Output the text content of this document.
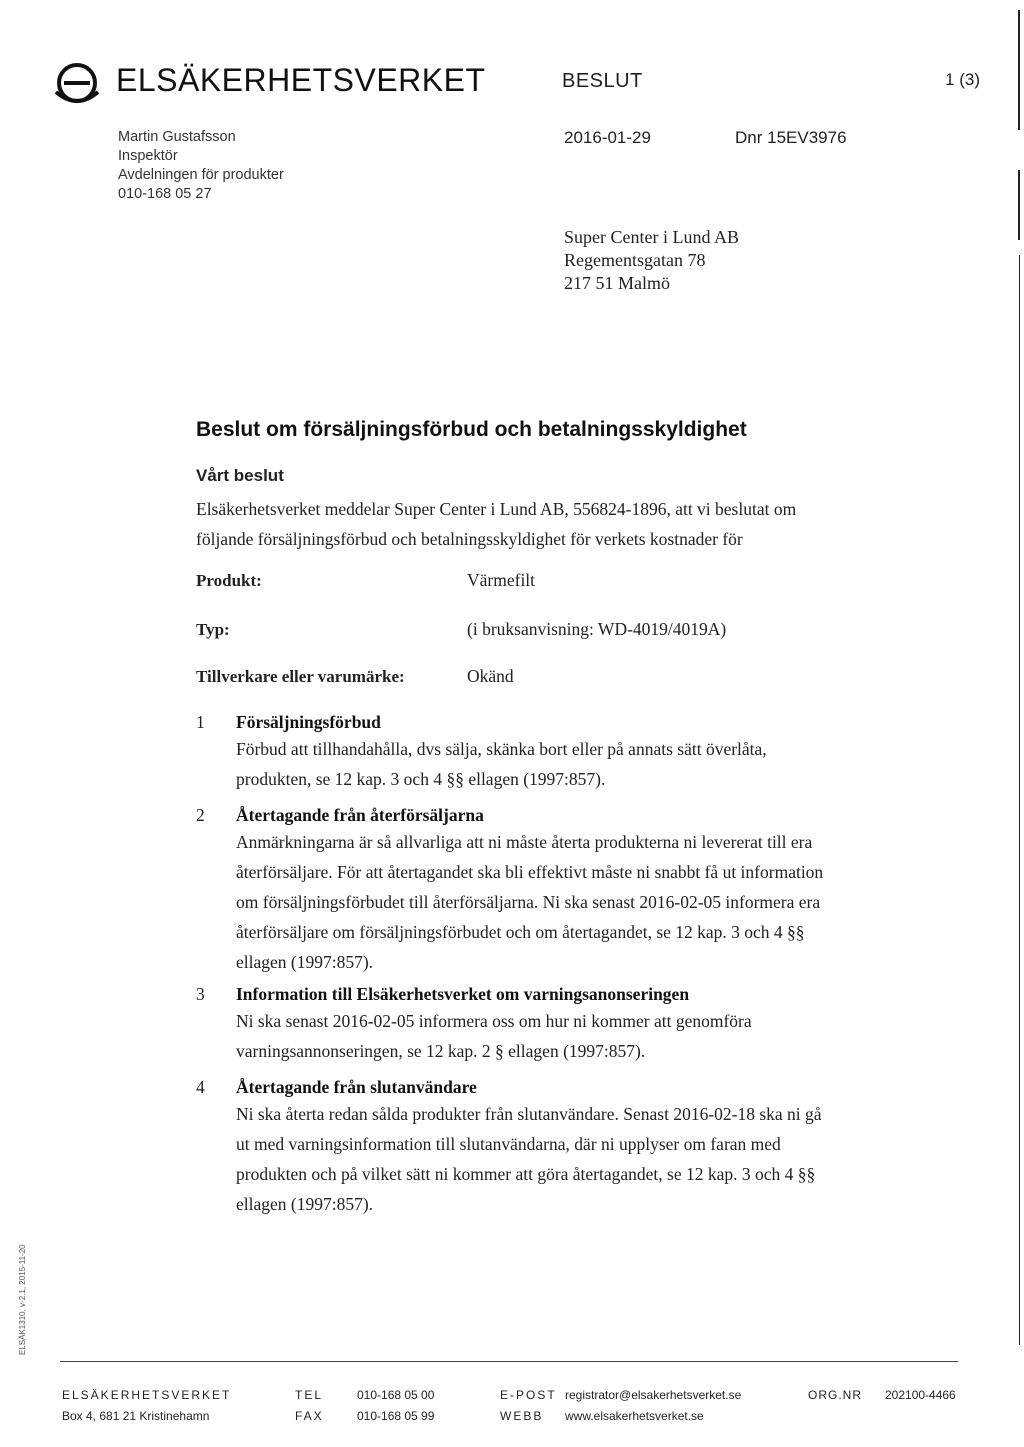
ELSÄKERHETSVERKET	BESLUT	1 (3)
Martin Gustafsson
Inspektör
Avdelningen för produkter
010-168 05 27
2016-01-29	Dnr 15EV3976
Super Center i Lund AB
Regementsgatan 78
217 51 Malmö
Beslut om försäljningsförbud och betalningsskyldighet
Vårt beslut
Elsäkerhetsverket meddelar Super Center i Lund AB, 556824-1896, att vi beslutat om följande försäljningsförbud och betalningsskyldighet för verkets kostnader för
Produkt:	Värmefilt
Typ:	(i bruksanvisning: WD-4019/4019A)
Tillverkare eller varumärke:	Okänd
1 Försäljningsförbud
Förbud att tillhandahålla, dvs sälja, skänka bort eller på annats sätt överlåta, produkten, se 12 kap. 3 och 4 §§ ellagen (1997:857).
2 Återtagande från återförsäljarna
Anmärkningarna är så allvarliga att ni måste återta produkterna ni levererat till era återförsäljare. För att återtagandet ska bli effektivt måste ni snabbt få ut information om försäljningsförbudet till återförsäljarna. Ni ska senast 2016-02-05 informera era återförsäljare om försäljningsförbudet och om återtagandet, se 12 kap. 3 och 4 §§ ellagen (1997:857).
3 Information till Elsäkerhetsverket om varningsanonseringen
Ni ska senast 2016-02-05 informera oss om hur ni kommer att genomföra varningsannonseringen, se 12 kap. 2 § ellagen (1997:857).
4 Återtagande från slutanvändare
Ni ska återta redan sålda produkter från slutanvändare. Senast 2016-02-18 ska ni gå ut med varningsinformation till slutanvändarna, där ni upplyser om faran med produkten och på vilket sätt ni kommer att göra återtagandet, se 12 kap. 3 och 4 §§ ellagen (1997:857).
ELSÄK1310, v-2.1, 2015-11-20
ELSÄKERHETSVERKET
Box 4, 681 21 Kristinehamn
TEL	010-168 05 00
FAX	010-168 05 99
E-POST registrator@elsakerhetsverket.se
WEBB www.elsakerhetsverket.se
ORG.NR 202100-4466
